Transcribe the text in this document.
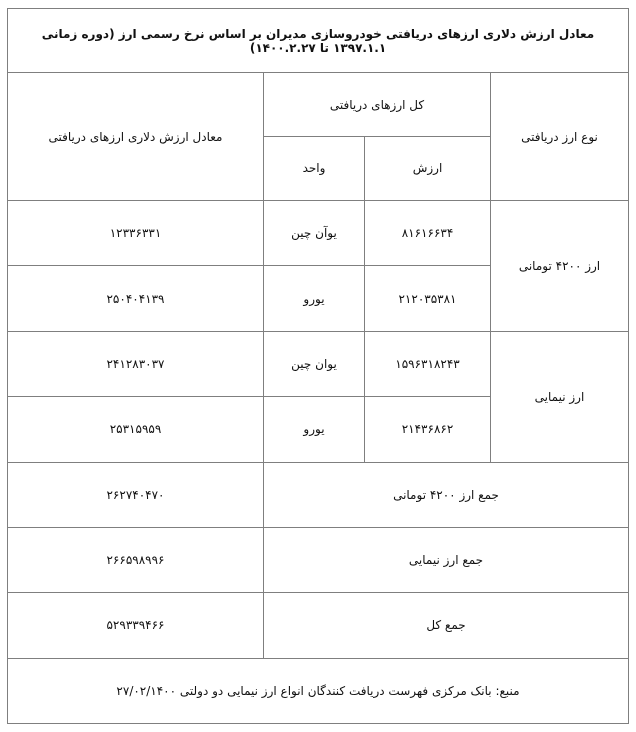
معادل ارزش دلاری ارزهای دریافتی خودروسازی مدیران بر اساس نرخ رسمی ارز (دوره زمانی ۱۳۹۷.۱.۱ تا ۱۴۰۰.۲.۲۷)			
نوع ارز دریافتی	کل ارزهای دریافتی		معادل ارزش دلاری ارزهای دریافتی
	ارزش	واحد	
ارز ۴۲۰۰ تومانی	۸۱۶۱۶۶۳۴	یوآن چین	۱۲۳۳۶۳۳۱
	۲۱۲۰۳۵۳۸۱	یورو	۲۵۰۴۰۴۱۳۹
ارز نیمایی	۱۵۹۶۳۱۸۲۴۳	یوان چین	۲۴۱۲۸۳۰۳۷
	۲۱۴۳۶۸۶۲	یورو	۲۵۳۱۵۹۵۹
جمع ارز ۴۲۰۰ تومانی			۲۶۲۷۴۰۴۷۰
جمع ارز نیمایی			۲۶۶۵۹۸۹۹۶
جمع کل			۵۲۹۳۳۹۴۶۶
منبع: بانک مرکزی فهرست دریافت کنندگان انواع ارز نیمایی دو دولتی ۲۷/۰۲/۱۴۰۰			
